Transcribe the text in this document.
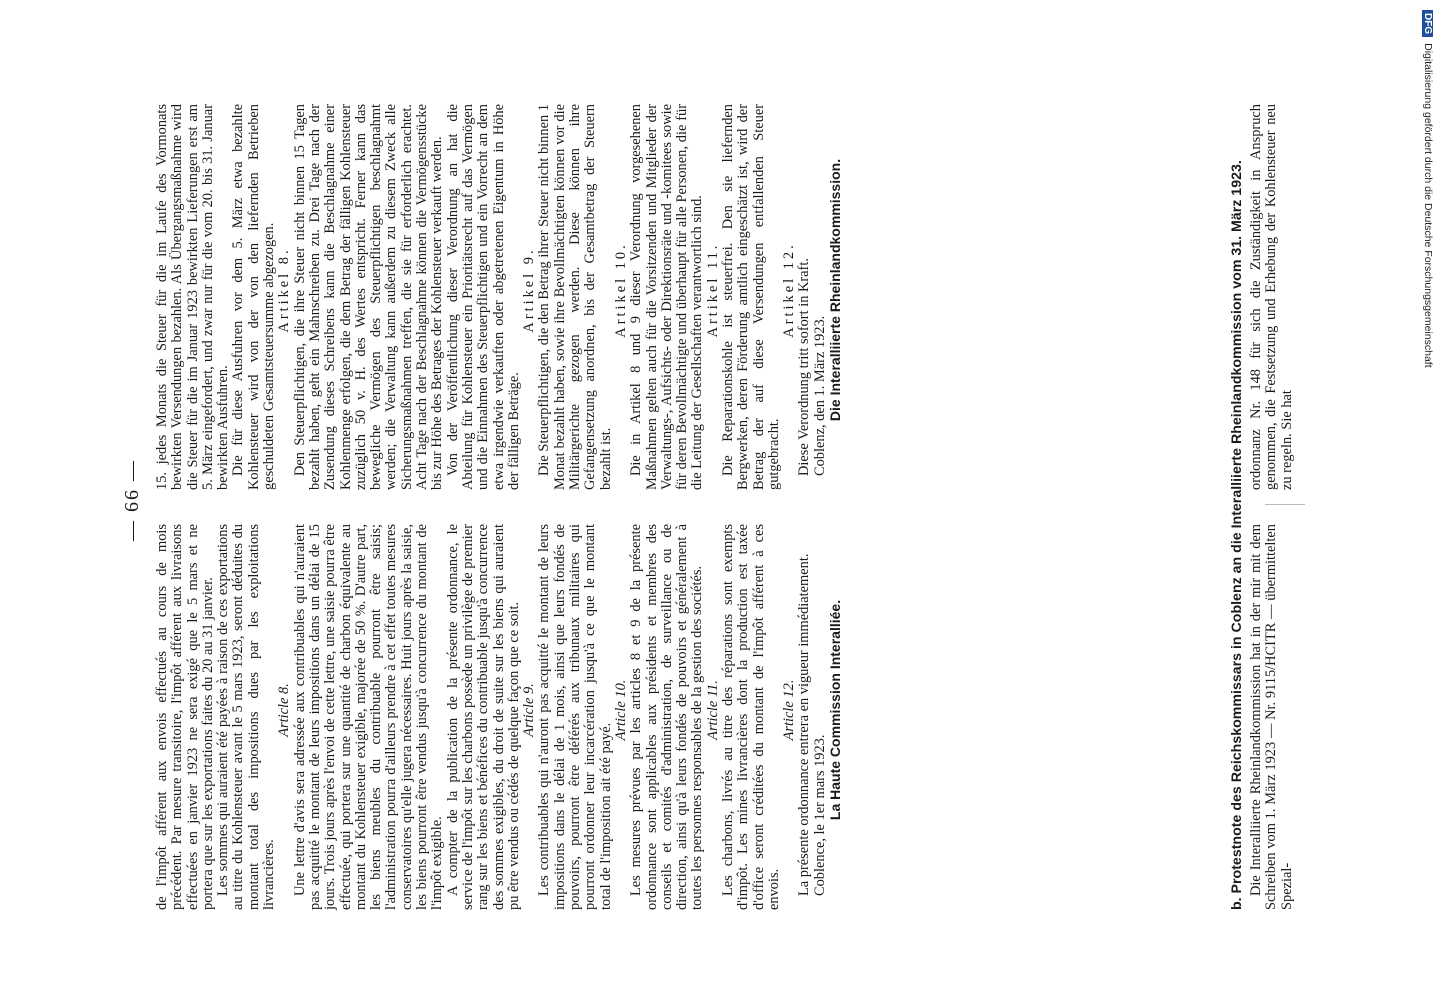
— 66 —

de l'impôt afférent aux envois effectués au cours de mois précédent. Par mesure transitoire, l'impôt afférent aux livraisons effectuées en janvier 1923 ne sera exigé que le 5 mars et ne portera que sur les exportations faites du 20 au 31 janvier. Les sommes qui auraient été payées à raison de ces exportations au titre du Kohlensteuer avant le 5 mars 1923, seront déduites du montant total des impositions dues par les exploitations livrancières.

Article 8. Une lettre d'avis sera adressée aux contribuables qui n'auraient pas acquitté le montant de leurs impositions dans un délai de 15 jours. Trois jours après l'envoi de cette lettre, une saisie pourra être effectuée, qui portera sur une quantité de charbon équivalente au montant du Kohlensteuer exigible, majorée de 50 %. D'autre part, les biens meubles du contribuable pourront être saisis; l'administration pourra d'ailleurs prendre à cet effet toutes mesures conservatoires qu'elle jugera nécessaires. Huit jours après la saisie, les biens pourront être vendus jusqu'à concurrence du montant de l'impôt exigible. A compter de la publication de la présente ordonnance, le service de l'impôt sur les charbons possède un privilège de premier rang sur les biens et bénéfices du contribuable jusqu'à concurrence des sommes exigibles, du droit de suite sur les biens qui auraient pu être vendus ou cédés de quelque façon que ce soit. Article 9. Les contribuables qui n'auront pas acquitté le montant de leurs impositions dans le délai de 1 mois, ainsi que leurs fondés de pouvoirs, pourront être déférés aux tribunaux militaires qui pourront ordonner leur incarcération jusqu'à ce que le montant total de l'imposition ait été payé.

Article 10. Les mesures prévues par les articles 8 et 9 de la présente ordonnance sont applicables aux présidents et membres des conseils et comités d'administration, de surveillance ou de direction, ainsi qu'à leurs fondés de pouvoirs et généralement à toutes les personnes responsables de la gestion des sociétés. Article 11. Les charbons, livrés au titre des réparations sont exempts d'impôt. Les mines livrancières dont la production est taxée d'office seront créditées du montant de l'impôt afférent à ces envois.

Article 12. La présente ordonnance entrera en vigueur immédiatement. Coblence, le 1er mars 1923. La Haute Commission Interalliée.

15. jedes Monats die Steuer für die im Laufe des Vormonats bewirkten Versendungen bezahlen. Als Übergangsmaßnahme wird die Steuer für die im Januar 1923 bewirkten Lieferungen erst am 5. März eingefordert, und zwar nur für die vom 20. bis 31. Januar bewirkten Ausfuhren. Die für diese Ausfuhren vor dem 5. März etwa bezahlte Kohlensteuer wird von der von den liefernden Betrieben geschuldeten Gesamtsteuersumme abgezogen. Artikel 8. Den Steuerpflichtigen, die ihre Steuer nicht binnen 15 Tagen bezahlt haben, geht ein Mahnschreiben zu. Drei Tage nach der Zusendung dieses Schreibens kann die Beschlagnahme einer Kohlenmenge erfolgen, die dem Betrag der fälligen Kohlensteuer zuzüglich 50 v. H. des Wertes entspricht. Ferner kann das bewegliche Vermögen des Steuerpflichtigen beschlagnahmt werden; die Verwaltung kann außerdem zu diesem Zweck alle Sicherungsmaßnahmen treffen, die sie für erforderlich erachtet. Acht Tage nach der Beschlagnahme können die Vermögensstücke bis zur Höhe des Betrages der Kohlensteuer verkauft werden. Von der Veröffentlichung dieser Verordnung an hat die Abteilung für Kohlensteuer ein Prioritätsrecht auf das Vermögen und die Einnahmen des Steuerpflichtigen und ein Vorrecht an dem etwa irgendwie verkauften oder abgetretenen Eigentum in Höhe der fälligen Beträge.

Artikel 9. Die Steuerpflichtigen, die den Betrag ihrer Steuer nicht binnen 1 Monat bezahlt haben, sowie ihre Bevollmächtigten können vor die Militärgerichte gezogen werden. Diese können ihre Gefangensetzung anordnen, bis der Gesamtbetrag der Steuern bezahlt ist.

Artikel 10. Die in Artikel 8 und 9 dieser Verordnung vorgesehenen Maßnahmen gelten auch für die Vorsitzenden und Mitglieder der Verwaltungs-, Aufsichts- oder Direktionsräte und -komitees sowie für deren Bevollmächtigte und überhaupt für alle Personen, die für die Leitung der Gesellschaften verantwortlich sind. Artikel 11. Die Reparationskohle ist steuerfrei. Den sie liefernden Bergwerken, deren Förderung amtlich eingeschätzt ist, wird der Betrag der auf diese Versendungen entfallenden Steuer gutgebracht.

Artikel 12. Diese Verordnung tritt sofort in Kraft. Coblenz, den 1. März 1923. Die Interalliierte Rheinlandkommission.	b. Protestnote des Reichskommissars in Coblenz an die Interalliierte Rheinlandkommission vom 31. März 1923. Die Interalliierte Rheinlandkommission hat in der mir mit dem Schreiben vom 1. März 1923 — Nr. 9115/HCITR — übermittelten Spezial-
ordonnanz Nr. 148 für sich die Zuständigkeit in Anspruch genommen, die Festsetzung und Erhebung der Kohlensteuer neu zu regeln. Sie hat
DFGDigitalisierung gefördert durch die Deutsche Forschungsgemeinschaft
